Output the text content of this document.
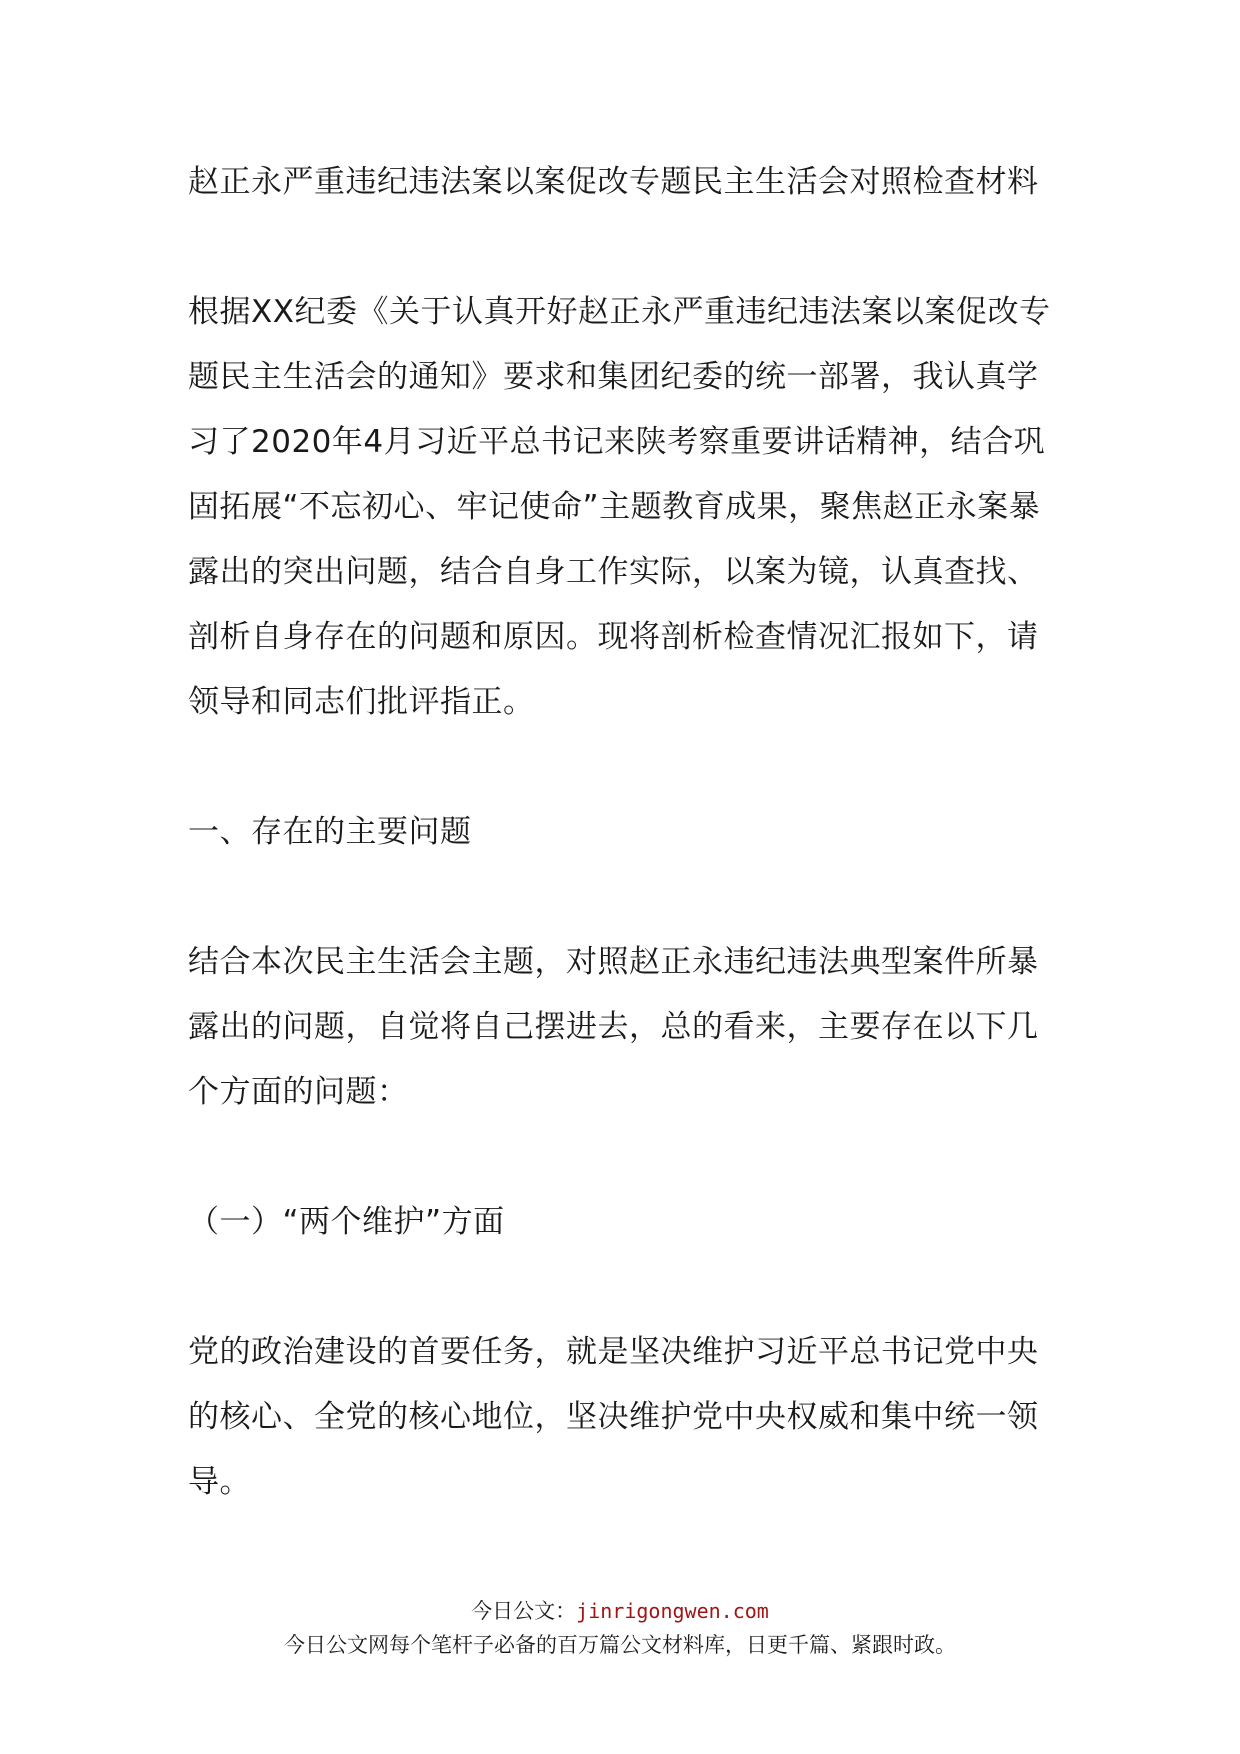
赵正永严重违纪违法案以案促改专题民主生活会对照检查材料

根据XX纪委《关于认真开好赵正永严重违纪违法案以案促改专题民主生活会的通知》要求和集团纪委的统一部署，我认真学习了2020年4月习近平总书记来陕考察重要讲话精神，结合巩固拓展“不忘初心、牢记使命”主题教育成果，聚焦赵正永案暴露出的突出问题，结合自身工作实际，以案为镜，认真查找、剖析自身存在的问题和原因。现将剖析检查情况汇报如下，请领导和同志们批评指正。

一、存在的主要问题

结合本次民主生活会主题，对照赵正永违纪违法典型案件所暴露出的问题，自觉将自己摆进去，总的看来，主要存在以下几个方面的问题：

（一）“两个维护”方面

党的政治建设的首要任务，就是坚决维护习近平总书记党中央的核心、全党的核心地位，坚决维护党中央权威和集中统一领导。

今日公文：jinrigongwen.com
今日公文网每个笔杆子必备的百万篇公文材料库，日更千篇、紧跟时政。
